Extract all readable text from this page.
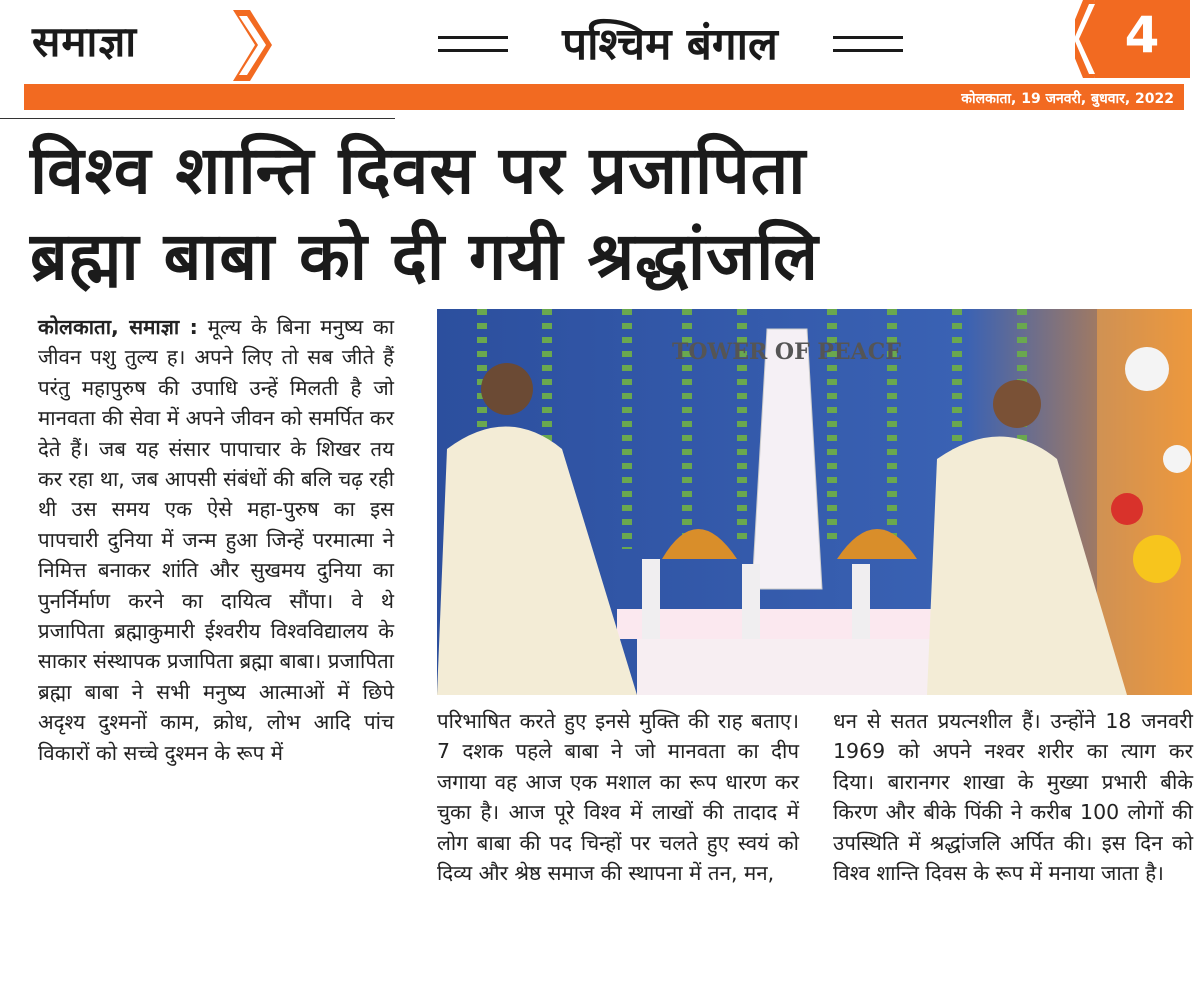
समाज्ञा	पश्चिम बंगाल	4
कोलकाता, 19 जनवरी, बुधवार, 2022
विश्व शान्ति दिवस पर प्रजापिता
ब्रह्मा बाबा को दी गयी श्रद्धांजलि

कोलकाता, समाज्ञा : मूल्य के बिना मनुष्य का जीवन पशु तुल्य ह। अपने लिए तो सब जीते हैं परंतु महापुरुष की उपाधि उन्हें मिलती है जो मानवता की सेवा में अपने जीवन को समर्पित कर देते हैं। जब यह संसार पापाचार के शिखर तय कर रहा था, जब आपसी संबंधों की बलि चढ़ रही थी उस समय एक ऐसे महा-पुरुष का इस पापचारी दुनिया में जन्म हुआ जिन्हें परमात्मा ने निमित्त बनाकर शांति और सुखमय दुनिया का पुनर्निर्माण करने का दायित्व सौंपा। वे थे प्रजापिता ब्रह्माकुमारी ईश्वरीय विश्वविद्यालय के साकार संस्थापक प्रजापिता ब्रह्मा बाबा। प्रजापिता ब्रह्मा बाबा ने सभी मनुष्य आत्माओं में छिपे अदृश्य दुश्मनों काम, क्रोध, लोभ आदि पांच विकारों को सच्चे दुश्मन के रूप में

TOWER OF PEACE

परिभाषित करते हुए इनसे मुक्ति की राह बताए। 7 दशक पहले बाबा ने जो मानवता का दीप जगाया वह आज एक मशाल का रूप धारण कर चुका है। आज पूरे विश्व में लाखों की तादाद में लोग बाबा की पद चिन्हों पर चलते हुए स्वयं को दिव्य और श्रेष्ठ समाज की स्थापना में तन, मन,

धन से सतत प्रयत्नशील हैं। उन्होंने 18 जनवरी 1969 को अपने नश्वर शरीर का त्याग कर दिया। बारानगर शाखा के मुख्या प्रभारी बीके किरण और बीके पिंकी ने करीब 100 लोगों की उपस्थिति में श्रद्धांजलि अर्पित की। इस दिन को विश्व शान्ति दिवस के रूप में मनाया जाता है।
